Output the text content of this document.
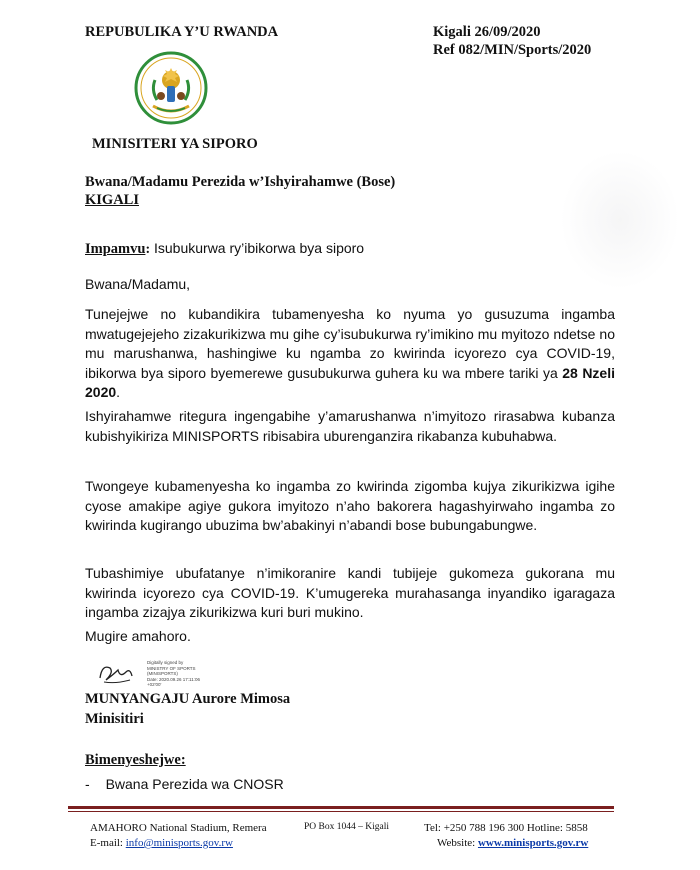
REPUBULIKA Y’U RWANDA	Kigali 26/09/2020
Ref 082/MIN/Sports/2020
MINISITERI YA SIPORO
Bwana/Madamu Perezida w’Ishyirahamwe (Bose)
KIGALI
Impamvu: Isubukurwa ry’ibikorwa bya siporo
Bwana/Madamu,
Tunejejwe no kubandikira tubamenyesha ko nyuma yo gusuzuma ingamba mwatugejejeho zizakurikizwa mu gihe cy’isubukurwa ry’imikino mu myitozo ndetse no mu marushanwa, hashingiwe ku ngamba zo kwirinda icyorezo cya COVID-19, ibikorwa bya siporo byemerewe gusubukurwa guhera ku wa mbere tariki ya 28 Nzeli 2020.
Ishyirahamwe ritegura ingengabihe y’amarushanwa n’imyitozo rirasabwa kubanza kubishyikiriza MINISPORTS ribisabira uburenganzira rikabanza kubuhabwa.
Twongeye kubamenyesha ko ingamba zo kwirinda zigomba kujya zikurikizwa igihe cyose amakipe agiye gukora imyitozo n’aho bakorera hagashyirwaho ingamba zo kwirinda kugirango ubuzima bw’abakinyi n’abandi bose bubungabungwe.
Tubashimiye ubufatanye n’imikoranire kandi tubijeje gukomeza gukorana mu kwirinda icyorezo cya COVID-19. K’umugereka murahasanga inyandiko igaragaza ingamba zizajya zikurikizwa kuri buri mukino.
Mugire amahoro.
Digitally signed by
MINISTRY OF SPORTS
(MINISPORTS)
Date: 2020.09.26 17:11:06
+02'00'
MUNYANGAJU Aurore Mimosa
Minisitiri
Bimenyeshejwe:
- Bwana Perezida wa CNOSR
AMAHORO National Stadium, Remera	PO Box 1044 – Kigali	Tel: +250 788 196 300 Hotline: 5858
E-mail: info@minisports.gov.rw	Website: www.minisports.gov.rw
